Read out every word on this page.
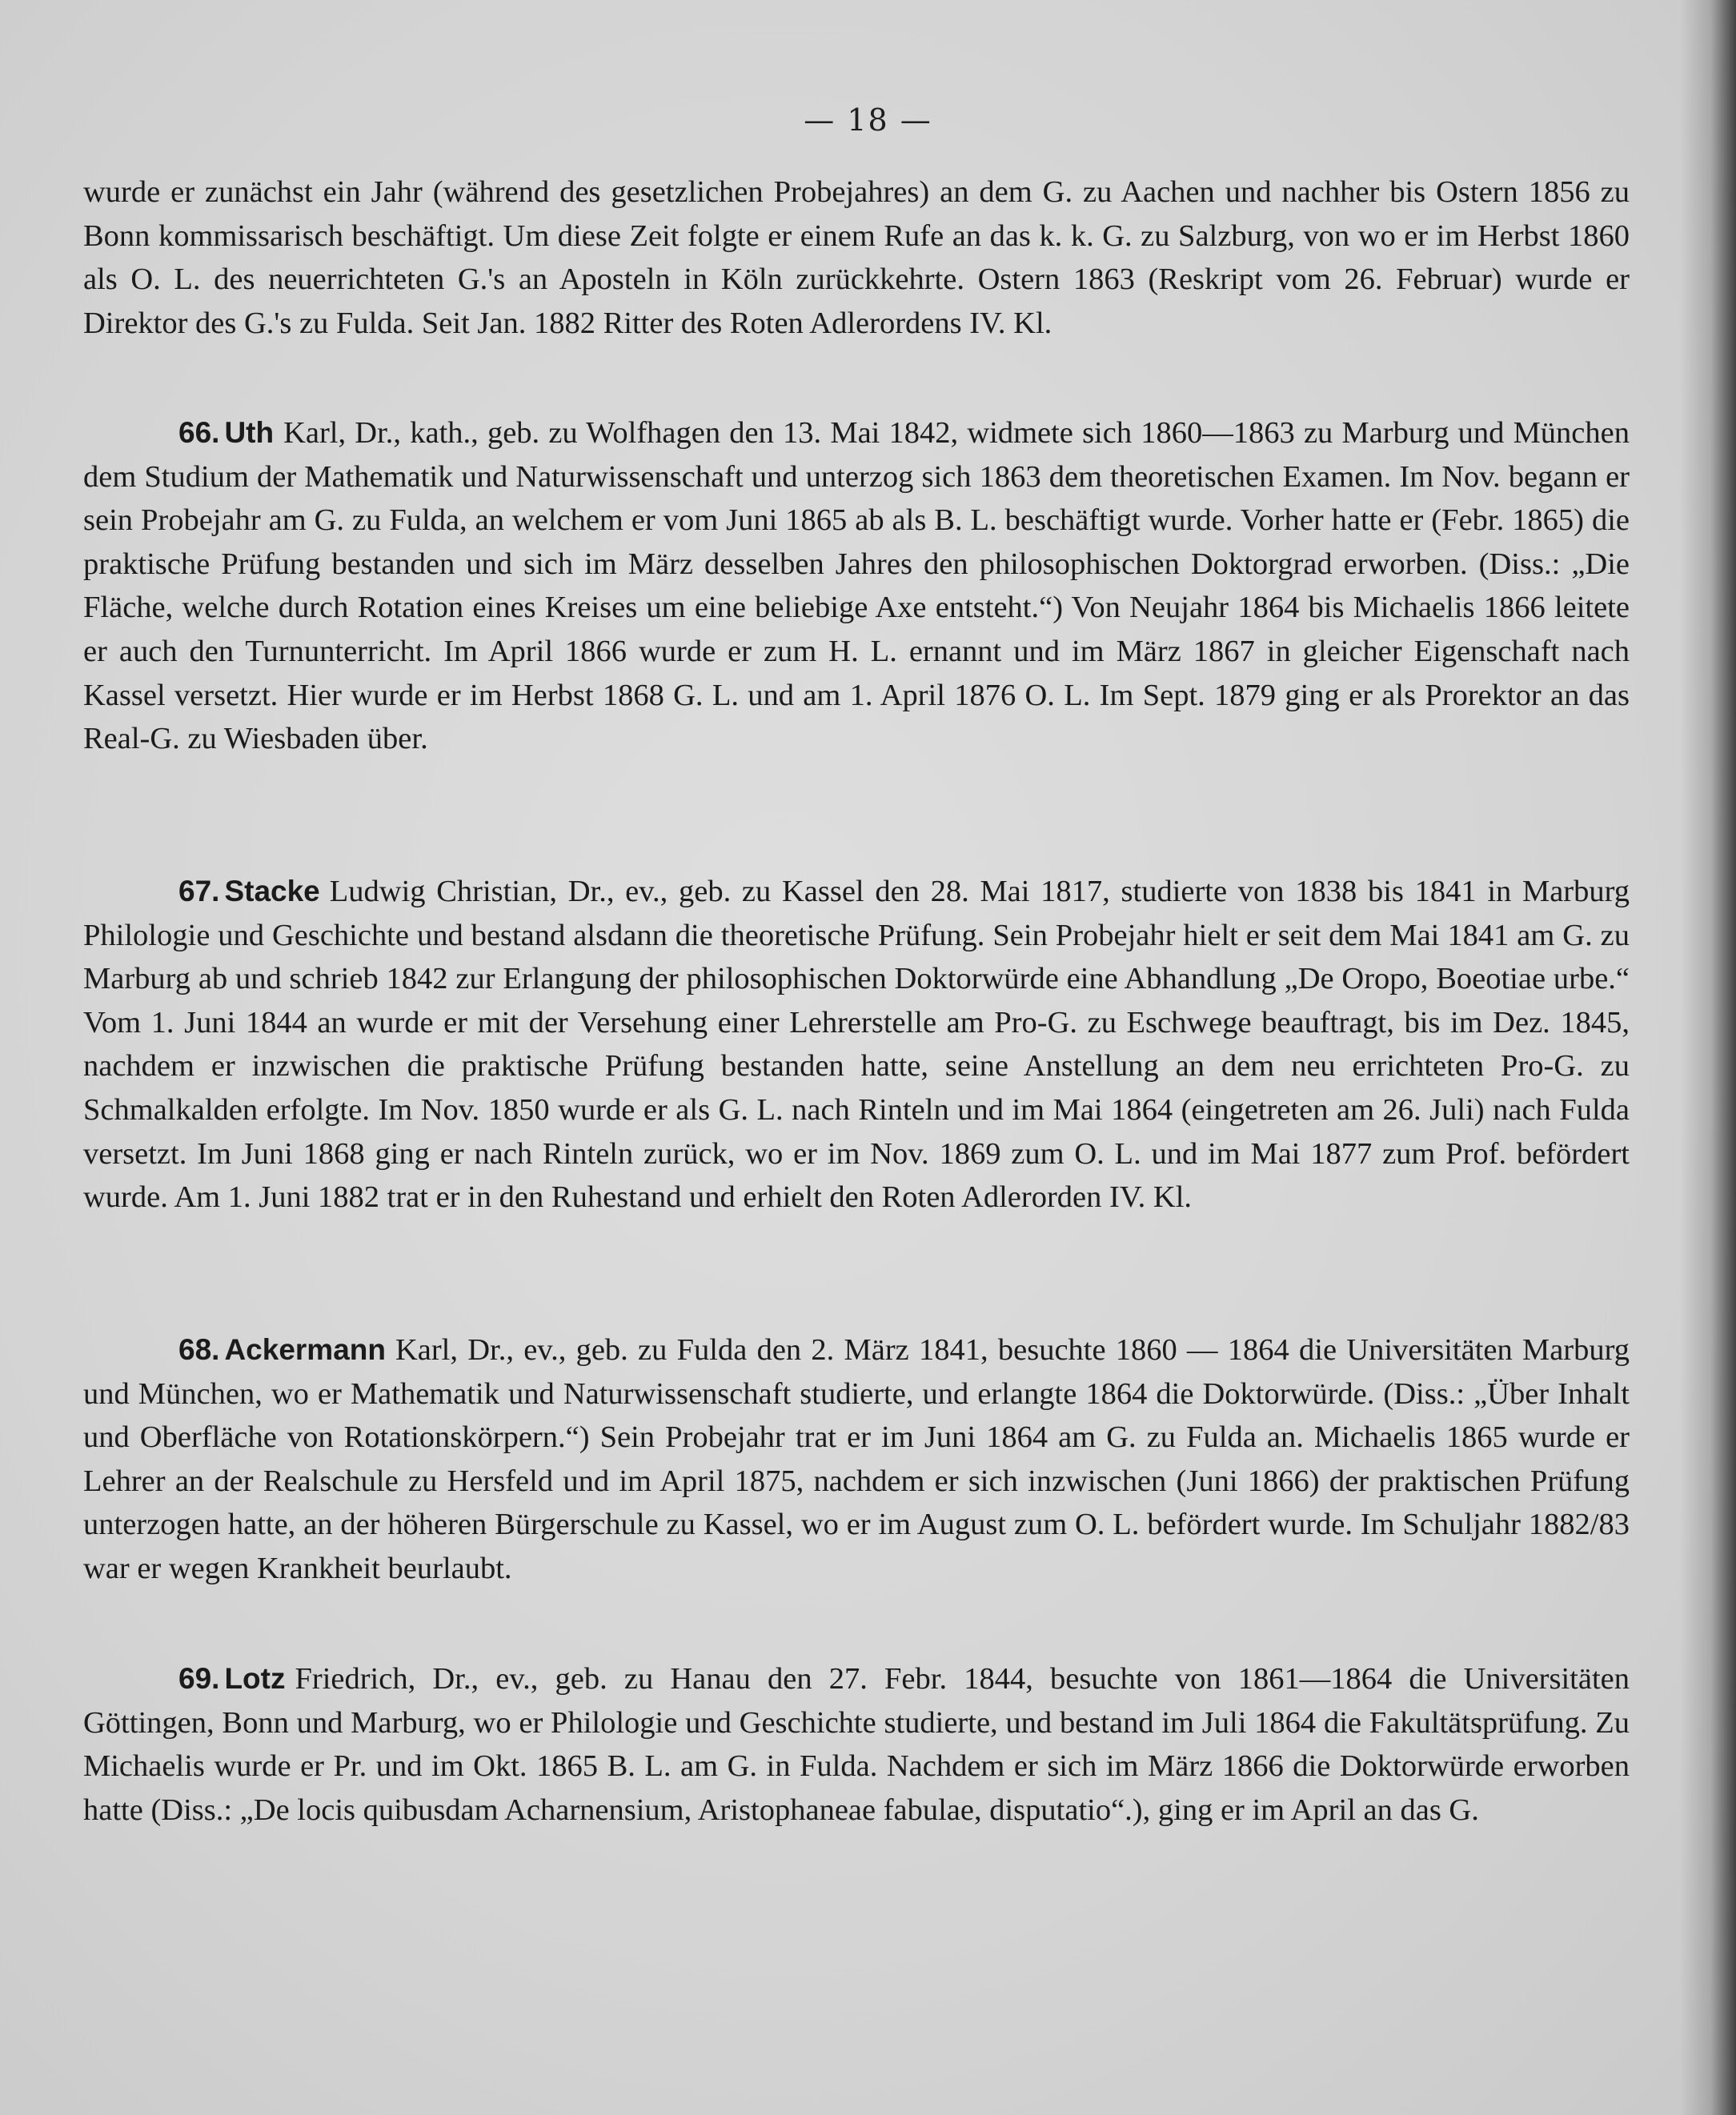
— 18 —

wurde er zunächst ein Jahr (während des gesetzlichen Probejahres) an dem G. zu Aachen und nachher bis Ostern 1856 zu Bonn kommissarisch beschäftigt. Um diese Zeit folgte er einem Rufe an das k. k. G. zu Salzburg, von wo er im Herbst 1860 als O. L. des neuerrichteten G.'s an Aposteln in Köln zurückkehrte. Ostern 1863 (Reskript vom 26. Februar) wurde er Direktor des G.'s zu Fulda. Seit Jan. 1882 Ritter des Roten Adlerordens IV. Kl.

66. Uth Karl, Dr., kath., geb. zu Wolfhagen den 13. Mai 1842, widmete sich 1860—1863 zu Marburg und München dem Studium der Mathematik und Naturwissenschaft und unterzog sich 1863 dem theoretischen Examen. Im Nov. begann er sein Probejahr am G. zu Fulda, an welchem er vom Juni 1865 ab als B. L. beschäftigt wurde. Vorher hatte er (Febr. 1865) die praktische Prüfung bestanden und sich im März desselben Jahres den philosophischen Doktorgrad erworben. (Diss.: „Die Fläche, welche durch Rotation eines Kreises um eine beliebige Axe entsteht.“) Von Neujahr 1864 bis Michaelis 1866 leitete er auch den Turnunterricht. Im April 1866 wurde er zum H. L. ernannt und im März 1867 in gleicher Eigenschaft nach Kassel versetzt. Hier wurde er im Herbst 1868 G. L. und am 1. April 1876 O. L. Im Sept. 1879 ging er als Prorektor an das Real-G. zu Wiesbaden über.

67. Stacke Ludwig Christian, Dr., ev., geb. zu Kassel den 28. Mai 1817, studierte von 1838 bis 1841 in Marburg Philologie und Geschichte und bestand alsdann die theoretische Prüfung. Sein Probejahr hielt er seit dem Mai 1841 am G. zu Marburg ab und schrieb 1842 zur Erlangung der philosophischen Doktorwürde eine Abhandlung „De Oropo, Boeotiae urbe.“ Vom 1. Juni 1844 an wurde er mit der Versehung einer Lehrerstelle am Pro-G. zu Eschwege beauftragt, bis im Dez. 1845, nachdem er inzwischen die praktische Prüfung bestanden hatte, seine Anstellung an dem neu errichteten Pro-G. zu Schmalkalden erfolgte. Im Nov. 1850 wurde er als G. L. nach Rinteln und im Mai 1864 (eingetreten am 26. Juli) nach Fulda versetzt. Im Juni 1868 ging er nach Rinteln zurück, wo er im Nov. 1869 zum O. L. und im Mai 1877 zum Prof. befördert wurde. Am 1. Juni 1882 trat er in den Ruhestand und erhielt den Roten Adlerorden IV. Kl.

68. Ackermann Karl, Dr., ev., geb. zu Fulda den 2. März 1841, besuchte 1860 — 1864 die Universitäten Marburg und München, wo er Mathematik und Naturwissenschaft studierte, und erlangte 1864 die Doktorwürde. (Diss.: „Über Inhalt und Oberfläche von Rotationskörpern.“) Sein Probejahr trat er im Juni 1864 am G. zu Fulda an. Michaelis 1865 wurde er Lehrer an der Realschule zu Hersfeld und im April 1875, nachdem er sich inzwischen (Juni 1866) der praktischen Prüfung unterzogen hatte, an der höheren Bürgerschule zu Kassel, wo er im August zum O. L. befördert wurde. Im Schuljahr 1882/83 war er wegen Krankheit beurlaubt.

69. Lotz Friedrich, Dr., ev., geb. zu Hanau den 27. Febr. 1844, besuchte von 1861—1864 die Universitäten Göttingen, Bonn und Marburg, wo er Philologie und Geschichte studierte, und bestand im Juli 1864 die Fakultätsprüfung. Zu Michaelis wurde er Pr. und im Okt. 1865 B. L. am G. in Fulda. Nachdem er sich im März 1866 die Doktorwürde erworben hatte (Diss.: „De locis quibusdam Acharnensium, Aristophaneae fabulae, disputatio“.), ging er im April an das G.
